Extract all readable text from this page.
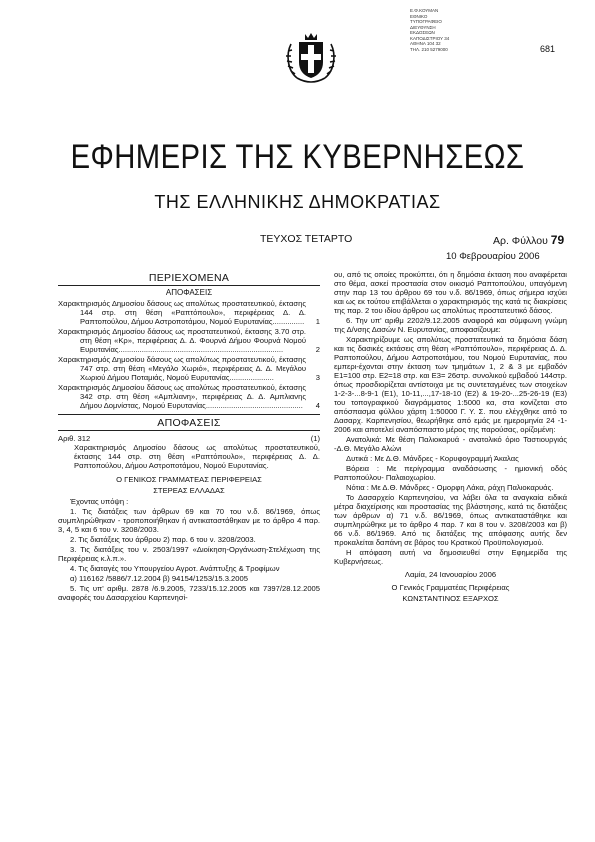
Ε.Φ.ΚΟΥΜΑΝ
ΕΘΝΙΚΟ
ΤΥΠΟΓΡΑΦΕΙΟ
ΔΙΕΥΘΥΝΣΗ
ΕΚΔΟΣΕΩΝ
ΚΑΠΟΔΙΣΤΡΙΟΥ 34
ΑΘΗΝΑ 104 32
ΤΗΛ. 210 5279000	681
ΕΦΗΜΕΡΙΣ ΤΗΣ ΚΥΒΕΡΝΗΣΕΩΣ
ΤΗΣ ΕΛΛΗΝΙΚΗΣ ΔΗΜΟΚΡΑΤΙΑΣ
ΤΕΥΧΟΣ ΤΕΤΑΡΤΟ	Αρ. Φύλλου 79
10 Φεβρουαρίου 2006
ΠΕΡΙΕΧΟΜΕΝΑ
ΑΠΟΦΑΣΕΙΣ
Χαρακτηρισμός Δημοσίου δάσους ως απολύτως προστατευτικού, έκτασης 144 στρ. στη θέση «Ραπτόπουλο», περιφέρειας Δ. Δ. Ραπτοπούλου, Δήμου Αστροποτάμου, Νομού Ευρυτανίας...............	1
Χαρακτηρισμός Δημοσίου δάσους ως προστατευτικού, έκτασης 3.70 στρ. στη θέση «Κρ», περιφέρειας Δ. Δ. Φουρνά Δήμου Φουρνά Νομού Ευρυτανίας..............................................................................	2
Χαρακτηρισμός Δημοσίου δάσους ως απολύτως προστατευτικού, έκτασης 747 στρ. στη θέση «Μεγάλο Χωριό», περιφέρειας Δ. Δ. Μεγάλου Χωριού Δήμου Ποταμιάς, Νομού Ευρυτανίας.....................	3
Χαρακτηρισμός Δημοσίου δάσους ως απολύτως προστατευτικού, έκτασης 342 στρ. στη θέση «Αμπλιανη», περιφέρειας Δ. Δ. Αμπλιανης Δήμου Δομνίστας, Νομού Ευρυτανίας..............................................	4
ΑΠΟΦΑΣΕΙΣ
Αριθ. 312	(1)
Χαρακτηρισμός Δημοσίου δάσους ως απολύτως προστατευτικού, έκτασης 144 στρ. στη θέση «Ραπτόπουλο», περιφέρειας Δ. Δ. Ραπτοπούλου, Δήμου Αστροποτάμου, Νομού Ευρυτανίας.
Ο ΓΕΝΙΚΟΣ ΓΡΑΜΜΑΤΕΑΣ ΠΕΡΙΦΕΡΕΙΑΣ
ΣΤΕΡΕΑΣ ΕΛΛΑΔΑΣ
Έχοντας υπόψη :
1. Τις διατάξεις των άρθρων 69 και 70 του ν.δ. 86/1969, όπως συμπληρώθηκαν - τροποποιήθηκαν ή αντικαταστάθηκαν με το άρθρο 4 παρ. 3, 4, 5 και 6 του ν. 3208/2003.
2. Τις διατάξεις του άρθρου 2) παρ. 6 του ν. 3208/2003.
3. Τις διατάξεις του ν. 2503/1997 «Διοίκηση-Οργάνωση-Στελέχωση της Περιφέρειας κ.λ.π.».
4. Τις διαταγές του Υπουργείου Αγροτ. Ανάπτυξης & Τροφίμων
α) 116162 /5886/7.12.2004 β) 94154/1253/15.3.2005
5. Τις υπ' αριθμ. 2878 /6.9.2005, 7233/15.12.2005 και 7397/28.12.2005 αναφορές του Δασαρχείου Καρπενησί-
ου, από τις οποίες προκύπτει, ότι η δημόσια έκταση που αναφέρεται στο θέμα, ασκεί προστασία στον οικισμό Ραπτοπούλου, υπαγόμενη στην παρ 13 του άρθρου 69 του ν.δ. 86/1969, όπως σήμερα ισχύει και ως εκ τούτου επιβάλλεται ο χαρακτηρισμός της κατά τις διακρίσεις της παρ. 2 του ιδίου άρθρου ως απολύτως προστατευτικό δάσος.
6. Την υπ' αριθμ 2202/9.12.2005 αναφορά και σύμφωνη γνώμη της Δ/νσης Δασών Ν. Ευρυτανίας, αποφασίζουμε:
Χαρακτηρίζουμε ως απολύτως προστατευτικά τα δημόσια δάση και τις δασικές εκτάσεις στη θέση «Ραπτόπουλο», περιφέρειας Δ. Δ. Ραπτοπούλου, Δήμου Αστροποτάμου, του Νομού Ευρυτανίας, που εμπερι-έχονται στην έκταση των τμημάτων 1, 2 & 3 με εμβαδόν Ε1=100 στρ. Ε2=18 στρ. και Ε3= 26στρ. συνολικού εμβαδού 144στρ. όπως προσδιορίζεται αντίστοιχα με τις συντεταγμένες των στοιχείων 1-2-3-...8-9-1 (Ε1), 10-11,...,17-18-10 (Ε2) & 19-20-...25-26-19 (Ε3) του τοπογραφικού διαγράμματος 1:5000 κα, στα κονίζεται στο απόσπασμα φύλλου χάρτη 1:50000 Γ. Υ. Σ. που ελέγχθηκε από το Δασαρχ. Καρπενησίου, θεωρήθηκε από εμάς με ημερομηνία 24 -1-2006 και αποτελεί αναπόσπαστο μέρος της παρούσας, ορίζομένη:
Ανατολικά: Με θέση Παλιοκαρυά - ανατολικό όριο Ταστιουργιάς -Δ.Θ. Μεγάλο Αλώνι
Δυτικά : Με Δ.Θ. Μάνδρες - Κορυφογραμμή Άκαλας
Βόρεια : Με περίγραμμα αναδάσωσης - ημιονική οδός Ραπτοπούλου- Παλαιοχωρίου.
Νότια : Με Δ.Θ. Μάνδρες - Ομορφη Λάκα, ράχη Παλιοκαρυάς.
Το Δασαρχείο Καρπενησίου, να λάβει όλα τα αναγκαία ειδικά μέτρα διαχείρισης και προστασίας της βλάστησης, κατά τις διατάξεις των άρθρων α) 71 ν.δ. 86/1969, όπως αντικαταστάθηκε και συμπληρώθηκε με το άρθρο 4 παρ. 7 και 8 του ν. 3208/2003 και β) 66 ν.δ. 86/1969. Από τις διατάξεις της απόφασης αυτής δεν προκαλείται δαπάνη σε βάρος του Κρατικού Προϋπολογισμού.
Η απόφαση αυτή να δημοσιευθεί στην Εφημερίδα της Κυβερνήσεως.
Λαμία, 24 Ιανουαρίου 2006
Ο Γενικός Γραμματέας Περιφέρειας
ΚΩΝΣΤΑΝΤΙΝΟΣ ΕΞΑΡΧΟΣ
